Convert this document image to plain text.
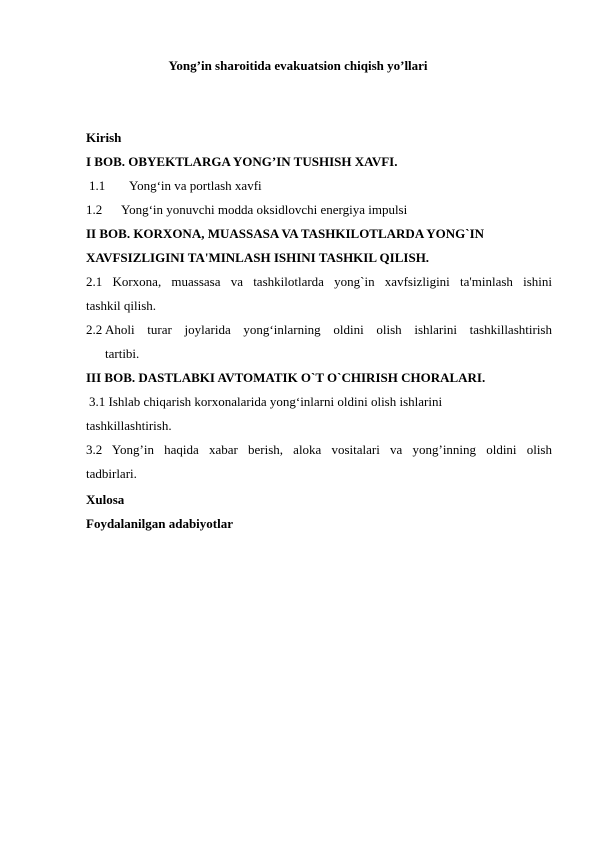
Yong’in sharoitida evakuatsion chiqish yo’llari
Kirish
I BOB. OBYEKTLARGA YONG’IN TUSHISH XAVFI.
1.1 Yong‘in va portlash xavfi
1.2 Yong‘in yonuvchi modda oksidlovchi energiya impulsi
II BOB. KORXONA, MUASSASA VA TASHKILOTLARDA YONG`IN
XAVFSIZLIGINI TA'MINLASH ISHINI TASHKIL QILISH.
2.1 Korxona, muassasa va tashkilotlarda yong`in xavfsizligini ta'minlash ishini
tashkil qilish.
2.2 Aholi turar joylarida yong‘inlarning oldini olish ishlarini tashkillashtirish
tartibi.
III BOB. DASTLABKI AVTOMATIK O`T O`CHIRISH CHORALARI.
3.1 Ishlab chiqarish korxonalarida yong‘inlarni oldini olish ishlarini
tashkillashtirish.
3.2 Yong’in haqida xabar berish, aloka vositalari va yong’inning oldini olish
tadbirlari.
Xulosa
Foydalanilgan adabiyotlar
